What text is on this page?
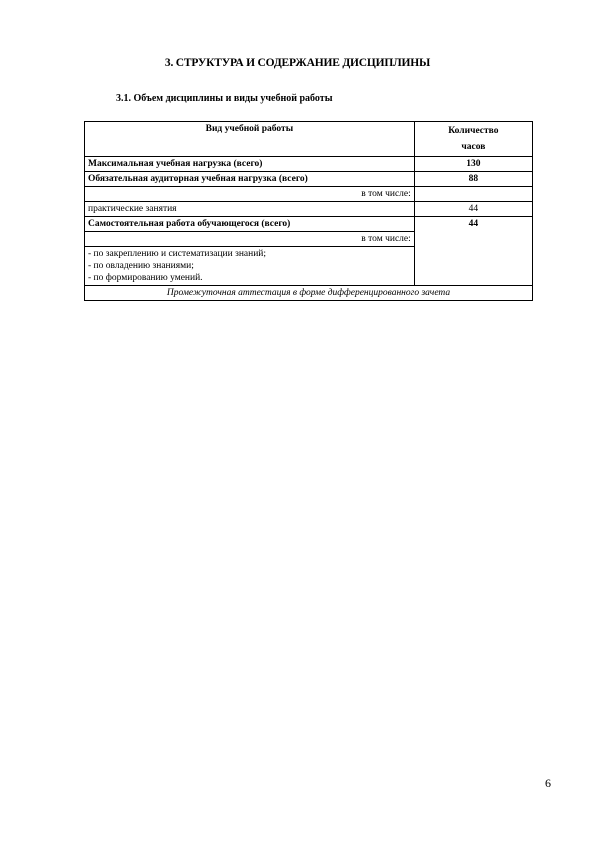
3. СТРУКТУРА И СОДЕРЖАНИЕ ДИСЦИПЛИНЫ
3.1. Объем дисциплины и виды учебной работы
Вид учебной работы	Количество
часов

Максимальная учебная нагрузка (всего)	130
Обязательная аудиторная учебная нагрузка (всего)	88
в том числе:	
практические занятия	44
Самостоятельная работа обучающегося (всего)	44
в том числе:	

- по закреплению и систематизации знаний;
- по овладению знаниями;
- по формированию умений.	

Промежуточная аттестация в форме дифференцированного зачета	
6
